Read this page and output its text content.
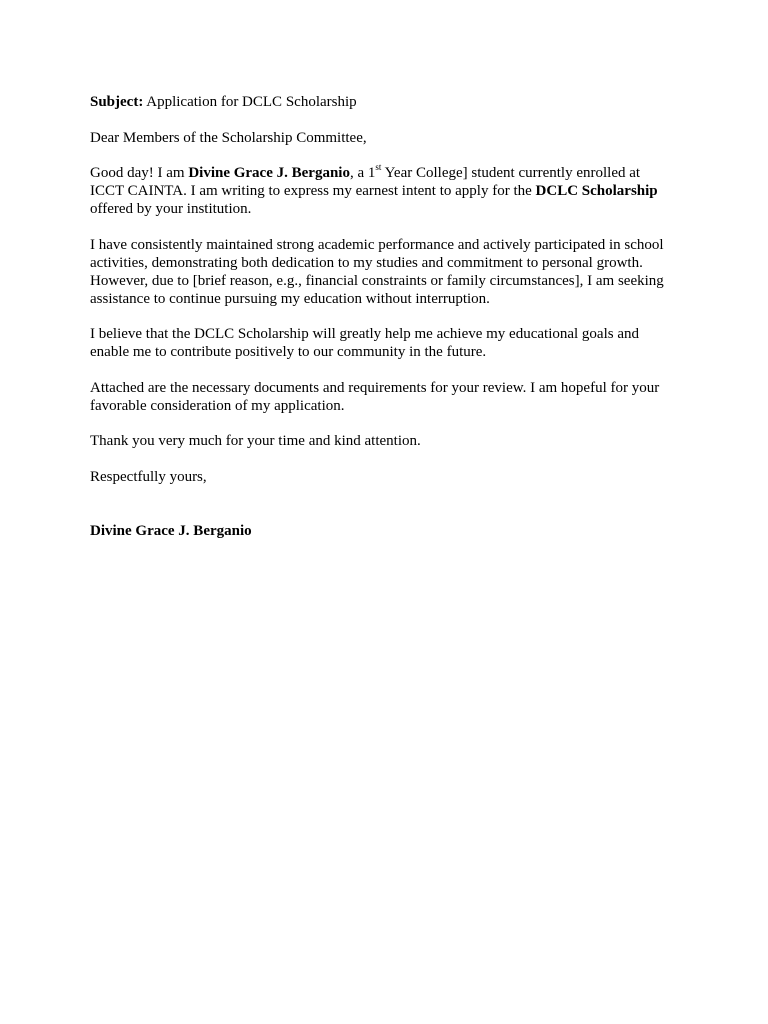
Subject: Application for DCLC Scholarship

Dear Members of the Scholarship Committee,

Good day! I am Divine Grace J. Berganio, a 1st Year College] student currently enrolled at ICCT CAINTA. I am writing to express my earnest intent to apply for the DCLC Scholarship offered by your institution.

I have consistently maintained strong academic performance and actively participated in school activities, demonstrating both dedication to my studies and commitment to personal growth. However, due to [brief reason, e.g., financial constraints or family circumstances], I am seeking assistance to continue pursuing my education without interruption.

I believe that the DCLC Scholarship will greatly help me achieve my educational goals and enable me to contribute positively to our community in the future.

Attached are the necessary documents and requirements for your review. I am hopeful for your favorable consideration of my application.

Thank you very much for your time and kind attention.

Respectfully yours,

Divine Grace J. Berganio
